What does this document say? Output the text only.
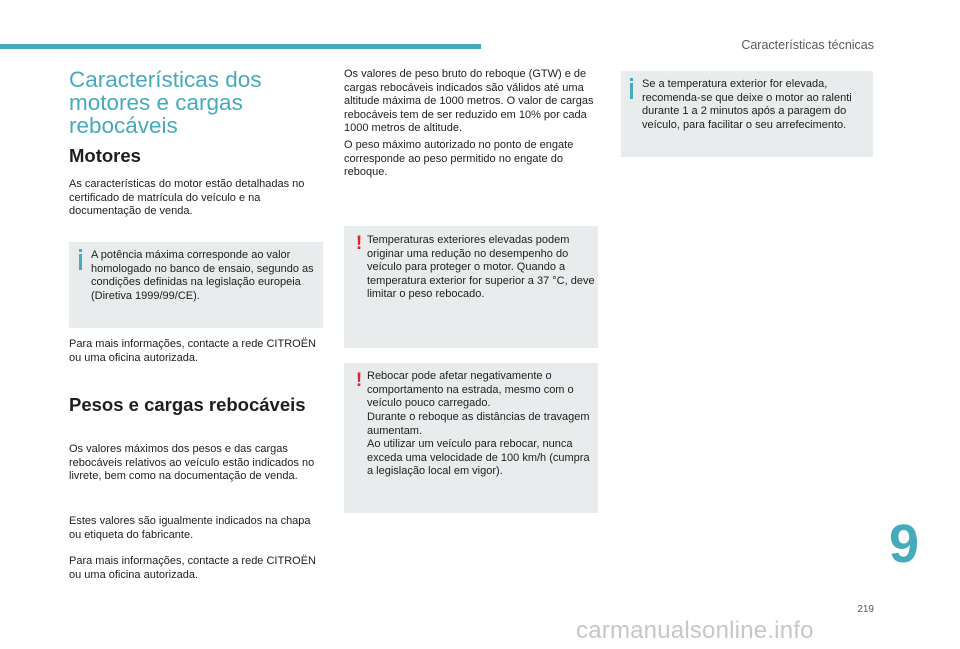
Características técnicas
Características dos motores e cargas rebocáveis
Motores

As características do motor estão detalhadas no certificado de matrícula do veículo e na documentação de venda.

A potência máxima corresponde ao valor homologado no banco de ensaio, segundo as condições definidas na legislação europeia (Diretiva 1999/99/CE).

Para mais informações, contacte a rede CITROËN ou uma oficina autorizada.

Pesos e cargas rebocáveis

Os valores máximos dos pesos e das cargas rebocáveis relativos ao veículo estão indicados no livrete, bem como na documentação de venda.

Estes valores são igualmente indicados na chapa ou etiqueta do fabricante.

Para mais informações, contacte a rede CITROËN ou uma oficina autorizada.

Os valores de peso bruto do reboque (GTW) e de cargas rebocáveis indicados são válidos até uma altitude máxima de 1000 metros. O valor de cargas rebocáveis tem de ser reduzido em 10% por cada 1000 metros de altitude.

O peso máximo autorizado no ponto de engate corresponde ao peso permitido no engate do reboque.

! Temperaturas exteriores elevadas podem originar uma redução no desempenho do veículo para proteger o motor. Quando a temperatura exterior for superior a 37 °C, deve limitar o peso rebocado.

! Rebocar pode afetar negativamente o comportamento na estrada, mesmo com o veículo pouco carregado.

Durante o reboque as distâncias de travagem aumentam.

Ao utilizar um veículo para rebocar, nunca exceda uma velocidade de 100 km/h (cumpra a legislação local em vigor).

Se a temperatura exterior for elevada, recomenda-se que deixe o motor ao ralenti durante 1 a 2 minutos após a paragem do veículo, para facilitar o seu arrefecimento.

9
219
carmanualsonline.info
